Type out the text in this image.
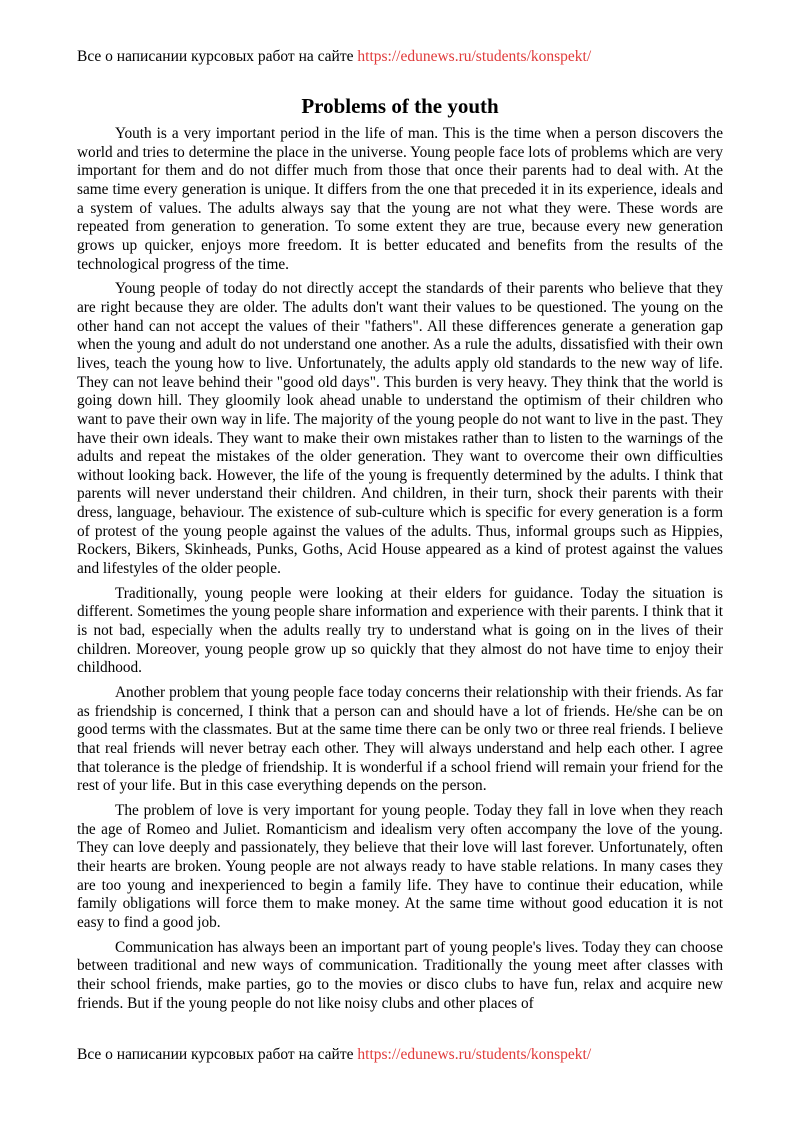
Все о написании курсовых работ на сайте https://edunews.ru/students/konspekt/
Problems of the youth

Youth is a very important period in the life of man. This is the time when a person discovers the world and tries to determine the place in the universe. Young people face lots of problems which are very important for them and do not differ much from those that once their parents had to deal with. At the same time every generation is unique. It differs from the one that preceded it in its experience, ideals and a system of values. The adults always say that the young are not what they were. These words are repeated from generation to generation. To some extent they are true, because every new generation grows up quicker, enjoys more freedom. It is better educated and benefits from the results of the technological progress of the time.

Young people of today do not directly accept the standards of their parents who believe that they are right because they are older. The adults don't want their values to be questioned. The young on the other hand can not accept the values of their "fathers". All these differences generate a generation gap when the young and adult do not understand one another. As a rule the adults, dissatisfied with their own lives, teach the young how to live. Unfortunately, the adults apply old standards to the new way of life. They can not leave behind their "good old days". This burden is very heavy. They think that the world is going down hill. They gloomily look ahead unable to understand the optimism of their children who want to pave their own way in life. The majority of the young people do not want to live in the past. They have their own ideals. They want to make their own mistakes rather than to listen to the warnings of the adults and repeat the mistakes of the older generation. They want to overcome their own difficulties without looking back. However, the life of the young is frequently determined by the adults. I think that parents will never understand their children. And children, in their turn, shock their parents with their dress, language, behaviour. The existence of sub-culture which is specific for every generation is a form of protest of the young people against the values of the adults. Thus, informal groups such as Hippies, Rockers, Bikers, Skinheads, Punks, Goths, Acid House appeared as a kind of protest against the values and lifestyles of the older people.

Traditionally, young people were looking at their elders for guidance. Today the situation is different. Sometimes the young people share information and experience with their parents. I think that it is not bad, especially when the adults really try to understand what is going on in the lives of their children. Moreover, young people grow up so quickly that they almost do not have time to enjoy their childhood.

Another problem that young people face today concerns their relationship with their friends. As far as friendship is concerned, I think that a person can and should have a lot of friends. He/she can be on good terms with the classmates. But at the same time there can be only two or three real friends. I believe that real friends will never betray each other. They will always understand and help each other. I agree that tolerance is the pledge of friendship. It is wonderful if a school friend will remain your friend for the rest of your life. But in this case everything depends on the person.

The problem of love is very important for young people. Today they fall in love when they reach the age of Romeo and Juliet. Romanticism and idealism very often accompany the love of the young. They can love deeply and passionately, they believe that their love will last forever. Unfortunately, often their hearts are broken. Young people are not always ready to have stable relations. In many cases they are too young and inexperienced to begin a family life. They have to continue their education, while family obligations will force them to make money. At the same time without good education it is not easy to find a good job.

Communication has always been an important part of young people's lives. Today they can choose between traditional and new ways of communication. Traditionally the young meet after classes with their school friends, make parties, go to the movies or disco clubs to have fun, relax and acquire new friends. But if the young people do not like noisy clubs and other places of

Все о написании курсовых работ на сайте https://edunews.ru/students/konspekt/
